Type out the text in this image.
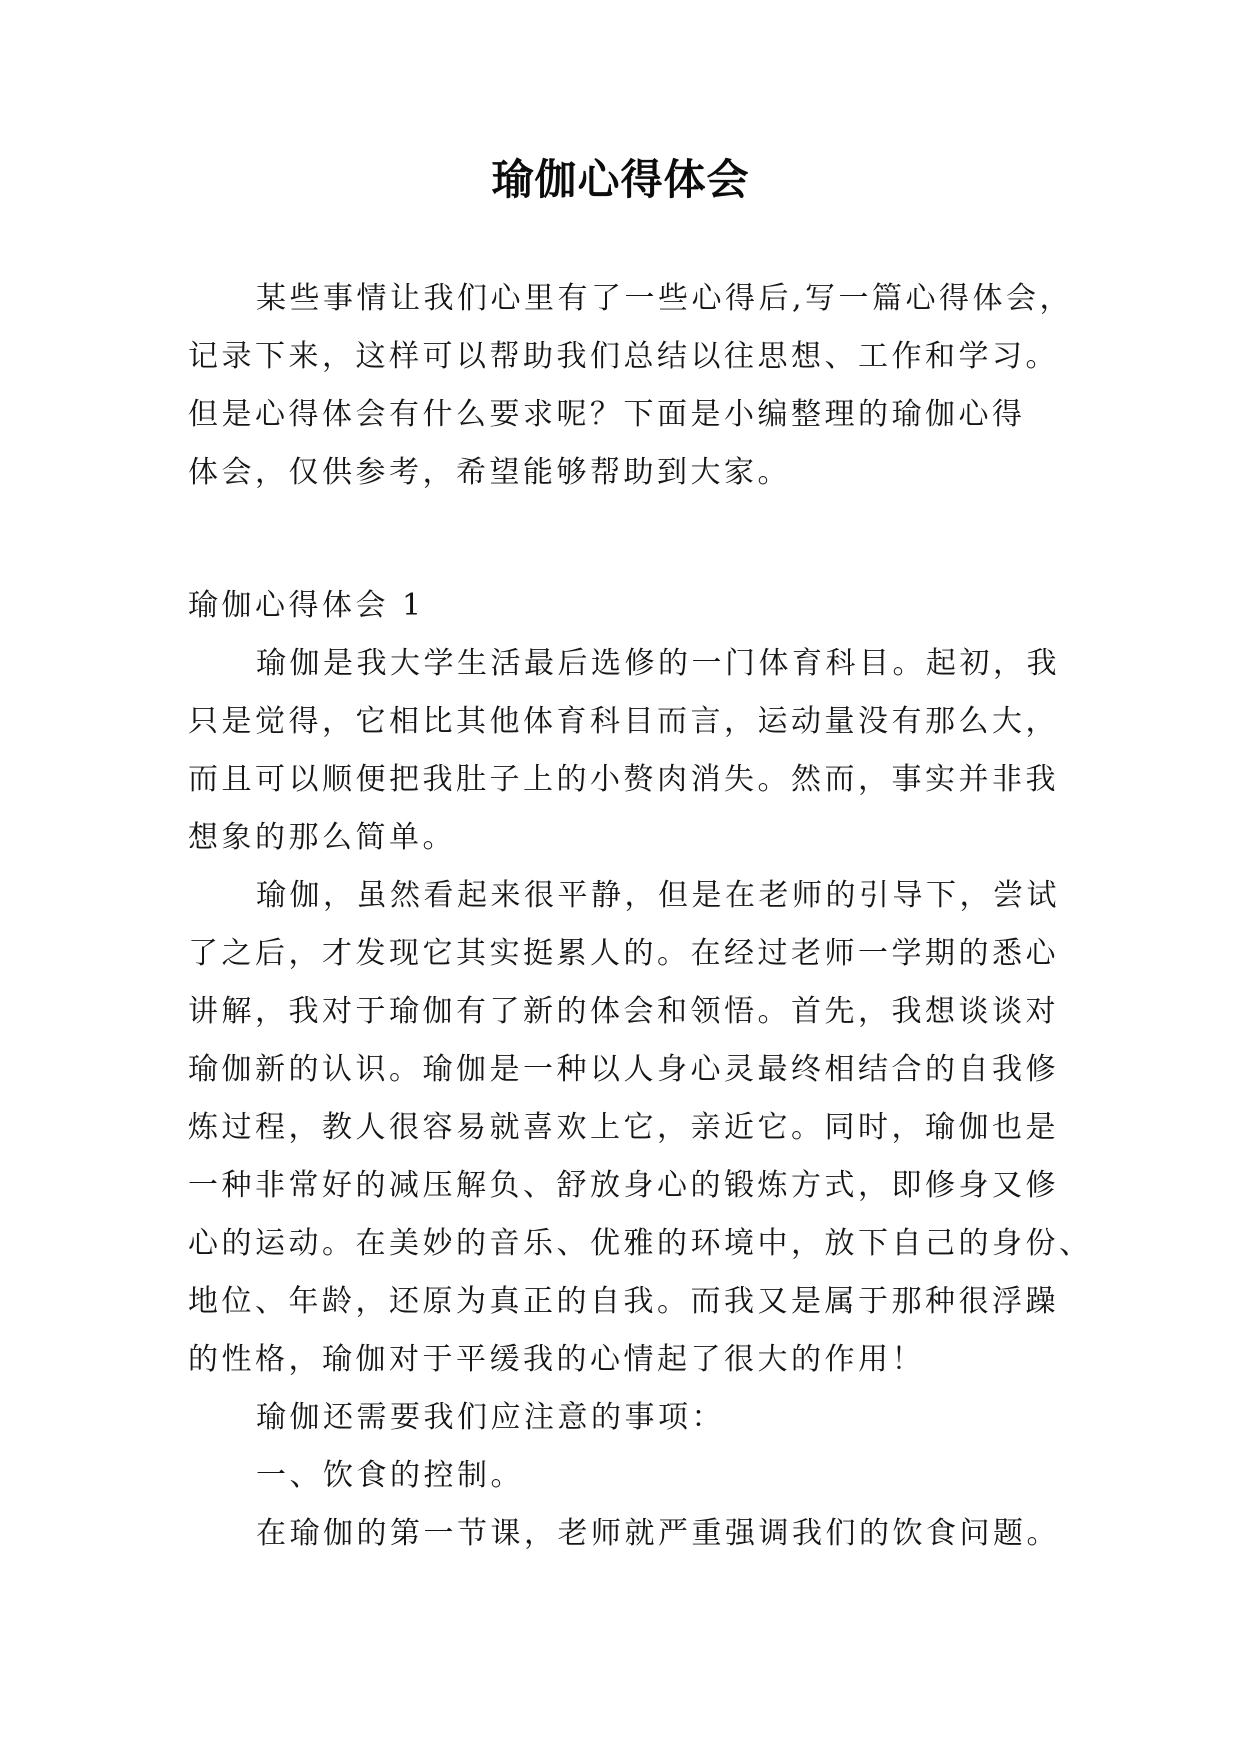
瑜伽心得体会
某些事情让我们心里有了一些心得后,写一篇心得体会，
记录下来，这样可以帮助我们总结以往思想、工作和学习。
但是心得体会有什么要求呢？下面是小编整理的瑜伽心得
体会，仅供参考，希望能够帮助到大家。

瑜伽心得体会 1

瑜伽是我大学生活最后选修的一门体育科目。起初，我
只是觉得，它相比其他体育科目而言，运动量没有那么大，
而且可以顺便把我肚子上的小赘肉消失。然而，事实并非我
想象的那么简单。
瑜伽，虽然看起来很平静，但是在老师的引导下，尝试
了之后，才发现它其实挺累人的。在经过老师一学期的悉心
讲解，我对于瑜伽有了新的体会和领悟。首先，我想谈谈对
瑜伽新的认识。瑜伽是一种以人身心灵最终相结合的自我修
炼过程，教人很容易就喜欢上它，亲近它。同时，瑜伽也是
一种非常好的减压解负、舒放身心的锻炼方式，即修身又修
心的运动。在美妙的音乐、优雅的环境中，放下自己的身份、
地位、年龄，还原为真正的自我。而我又是属于那种很浮躁
的性格，瑜伽对于平缓我的心情起了很大的作用！

瑜伽还需要我们应注意的事项：

一、饮食的控制。

在瑜伽的第一节课，老师就严重强调我们的饮食问题。
